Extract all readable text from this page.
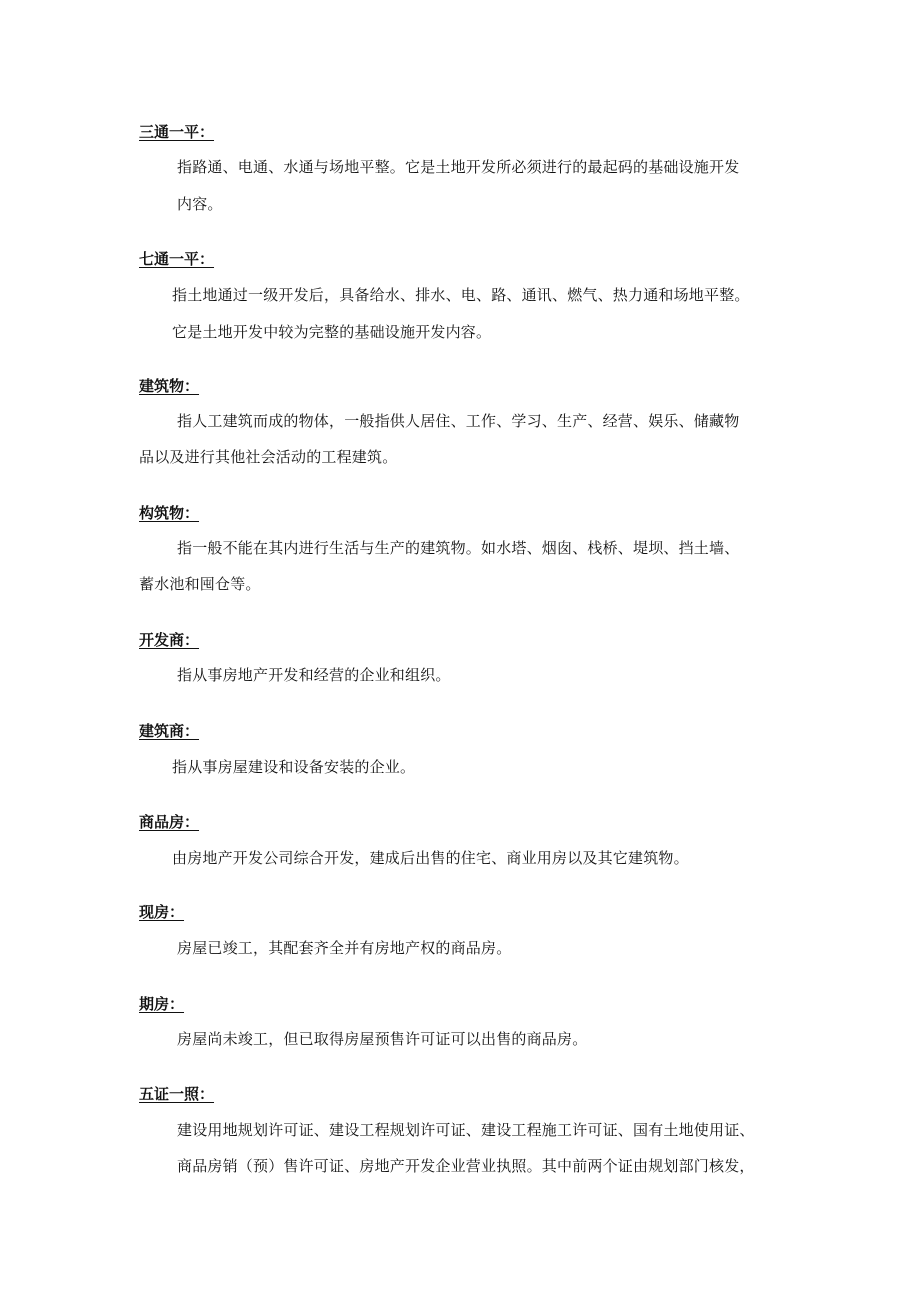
三通一平：
指路通、电通、水通与场地平整。它是土地开发所必须进行的最起码的基础设施开发
内容。
七通一平：
指土地通过一级开发后，具备给水、排水、电、路、通讯、燃气、热力通和场地平整。
它是土地开发中较为完整的基础设施开发内容。
建筑物：
指人工建筑而成的物体，一般指供人居住、工作、学习、生产、经营、娱乐、储藏物
品以及进行其他社会活动的工程建筑。
构筑物：
指一般不能在其内进行生活与生产的建筑物。如水塔、烟囱、栈桥、堤坝、挡土墙、
蓄水池和囤仓等。
开发商：
指从事房地产开发和经营的企业和组织。
建筑商：
指从事房屋建设和设备安装的企业。
商品房：
由房地产开发公司综合开发，建成后出售的住宅、商业用房以及其它建筑物。
现房：
房屋已竣工，其配套齐全并有房地产权的商品房。
期房：
房屋尚未竣工，但已取得房屋预售许可证可以出售的商品房。
五证一照：
建设用地规划许可证、建设工程规划许可证、建设工程施工许可证、国有土地使用证、
商品房销（预）售许可证、房地产开发企业营业执照。其中前两个证由规划部门核发，
